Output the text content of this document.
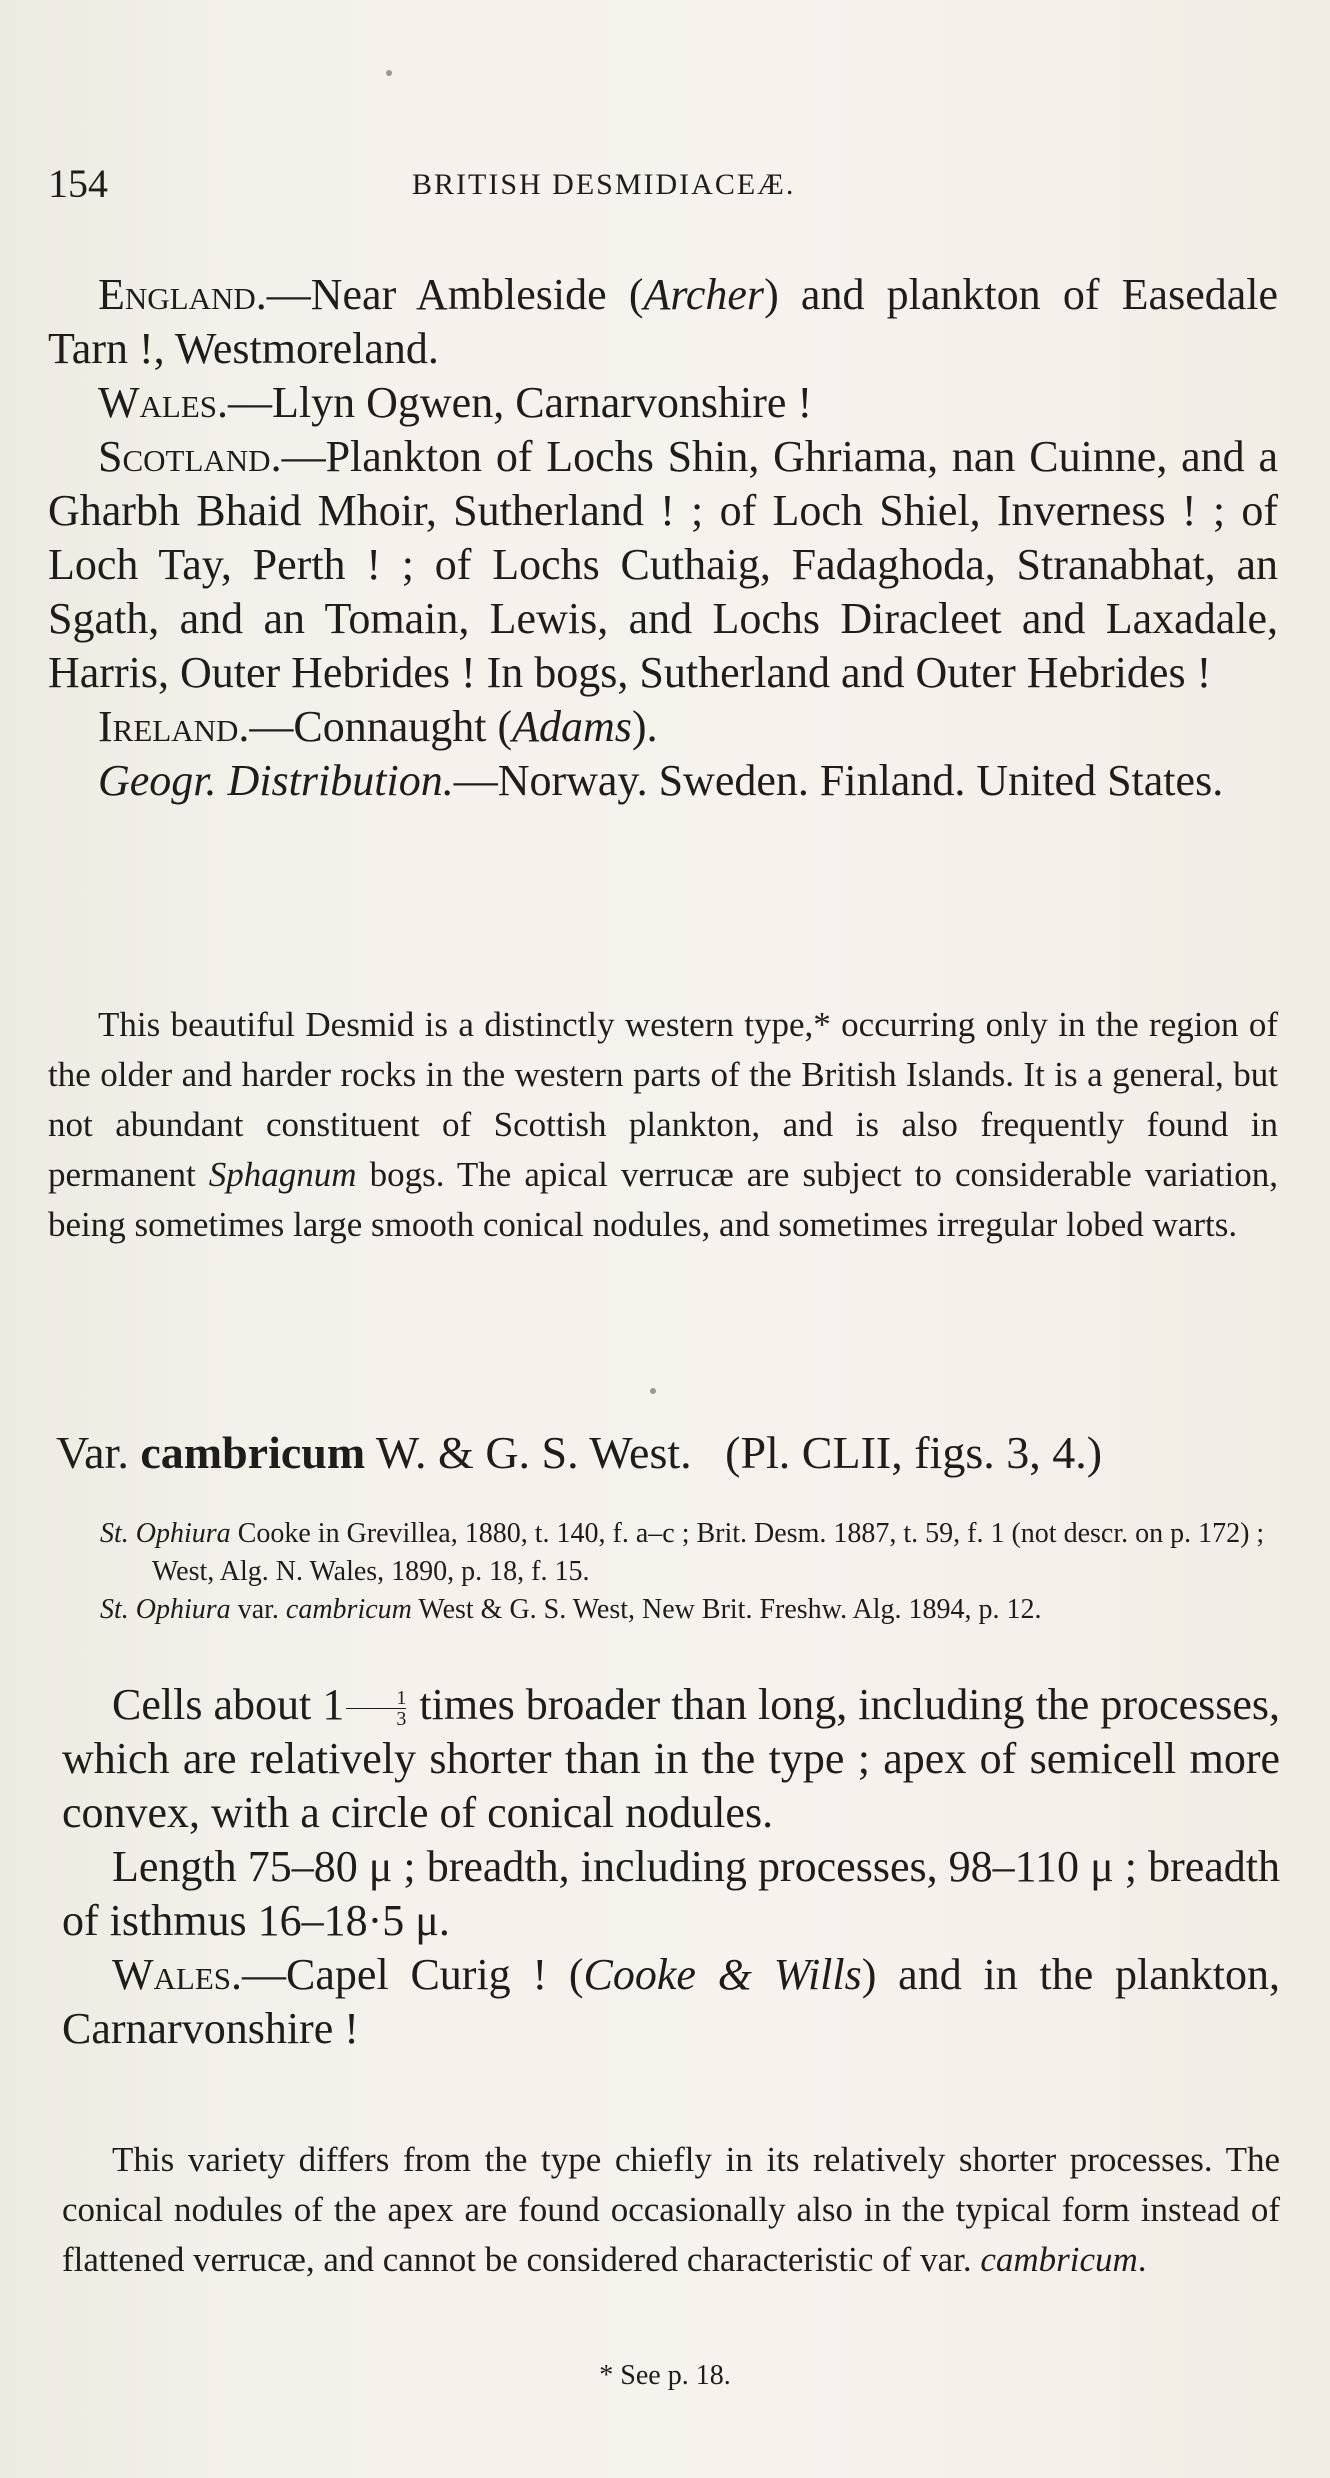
154	BRITISH DESMIDIACEÆ.

England.—Near Ambleside (Archer) and plankton of Easedale Tarn !, Westmoreland.

Wales.—Llyn Ogwen, Carnarvonshire !

Scotland.—Plankton of Lochs Shin, Ghriama, nan Cuinne, and a Gharbh Bhaid Mhoir, Sutherland ! ; of Loch Shiel, Inverness ! ; of Loch Tay, Perth ! ; of Lochs Cuthaig, Fadaghoda, Stranabhat, an Sgath, and an Tomain, Lewis, and Lochs Diracleet and Laxadale, Harris, Outer Hebrides ! In bogs, Sutherland and Outer Hebrides !

Ireland.—Connaught (Adams).

Geogr. Distribution.—Norway. Sweden. Finland. United States.

This beautiful Desmid is a distinctly western type,* occurring only in the region of the older and harder rocks in the western parts of the British Islands. It is a general, but not abundant constituent of Scottish plankton, and is also frequently found in permanent Sphagnum bogs. The apical verrucæ are subject to considerable variation, being sometimes large smooth conical nodules, and sometimes irregular lobed warts.

Var. cambricum W. & G. S. West. (Pl. CLII, figs. 3, 4.)

St. Ophiura Cooke in Grevillea, 1880, t. 140, f. a–c ; Brit. Desm. 1887, t. 59, f. 1 (not descr. on p. 172) ; West, Alg. N. Wales, 1890, p. 18, f. 15.

St. Ophiura var. cambricum West & G. S. West, New Brit. Freshw. Alg. 1894, p. 12.

Cells about $1 \frac{1}{3}$ times broader than long, including the processes, which are relatively shorter than in the type ; apex of semicell more convex, with a circle of conical nodules.

Length 75–80 μ ; breadth, including processes, 98–110 μ ; breadth of isthmus 16–18·5 μ.

Wales.—Capel Curig ! (Cooke & Wills) and in the plankton, Carnarvonshire !

This variety differs from the type chiefly in its relatively shorter processes. The conical nodules of the apex are found occasionally also in the typical form instead of flattened verrucæ, and cannot be considered characteristic of var. cambricum.

* See p. 18.
